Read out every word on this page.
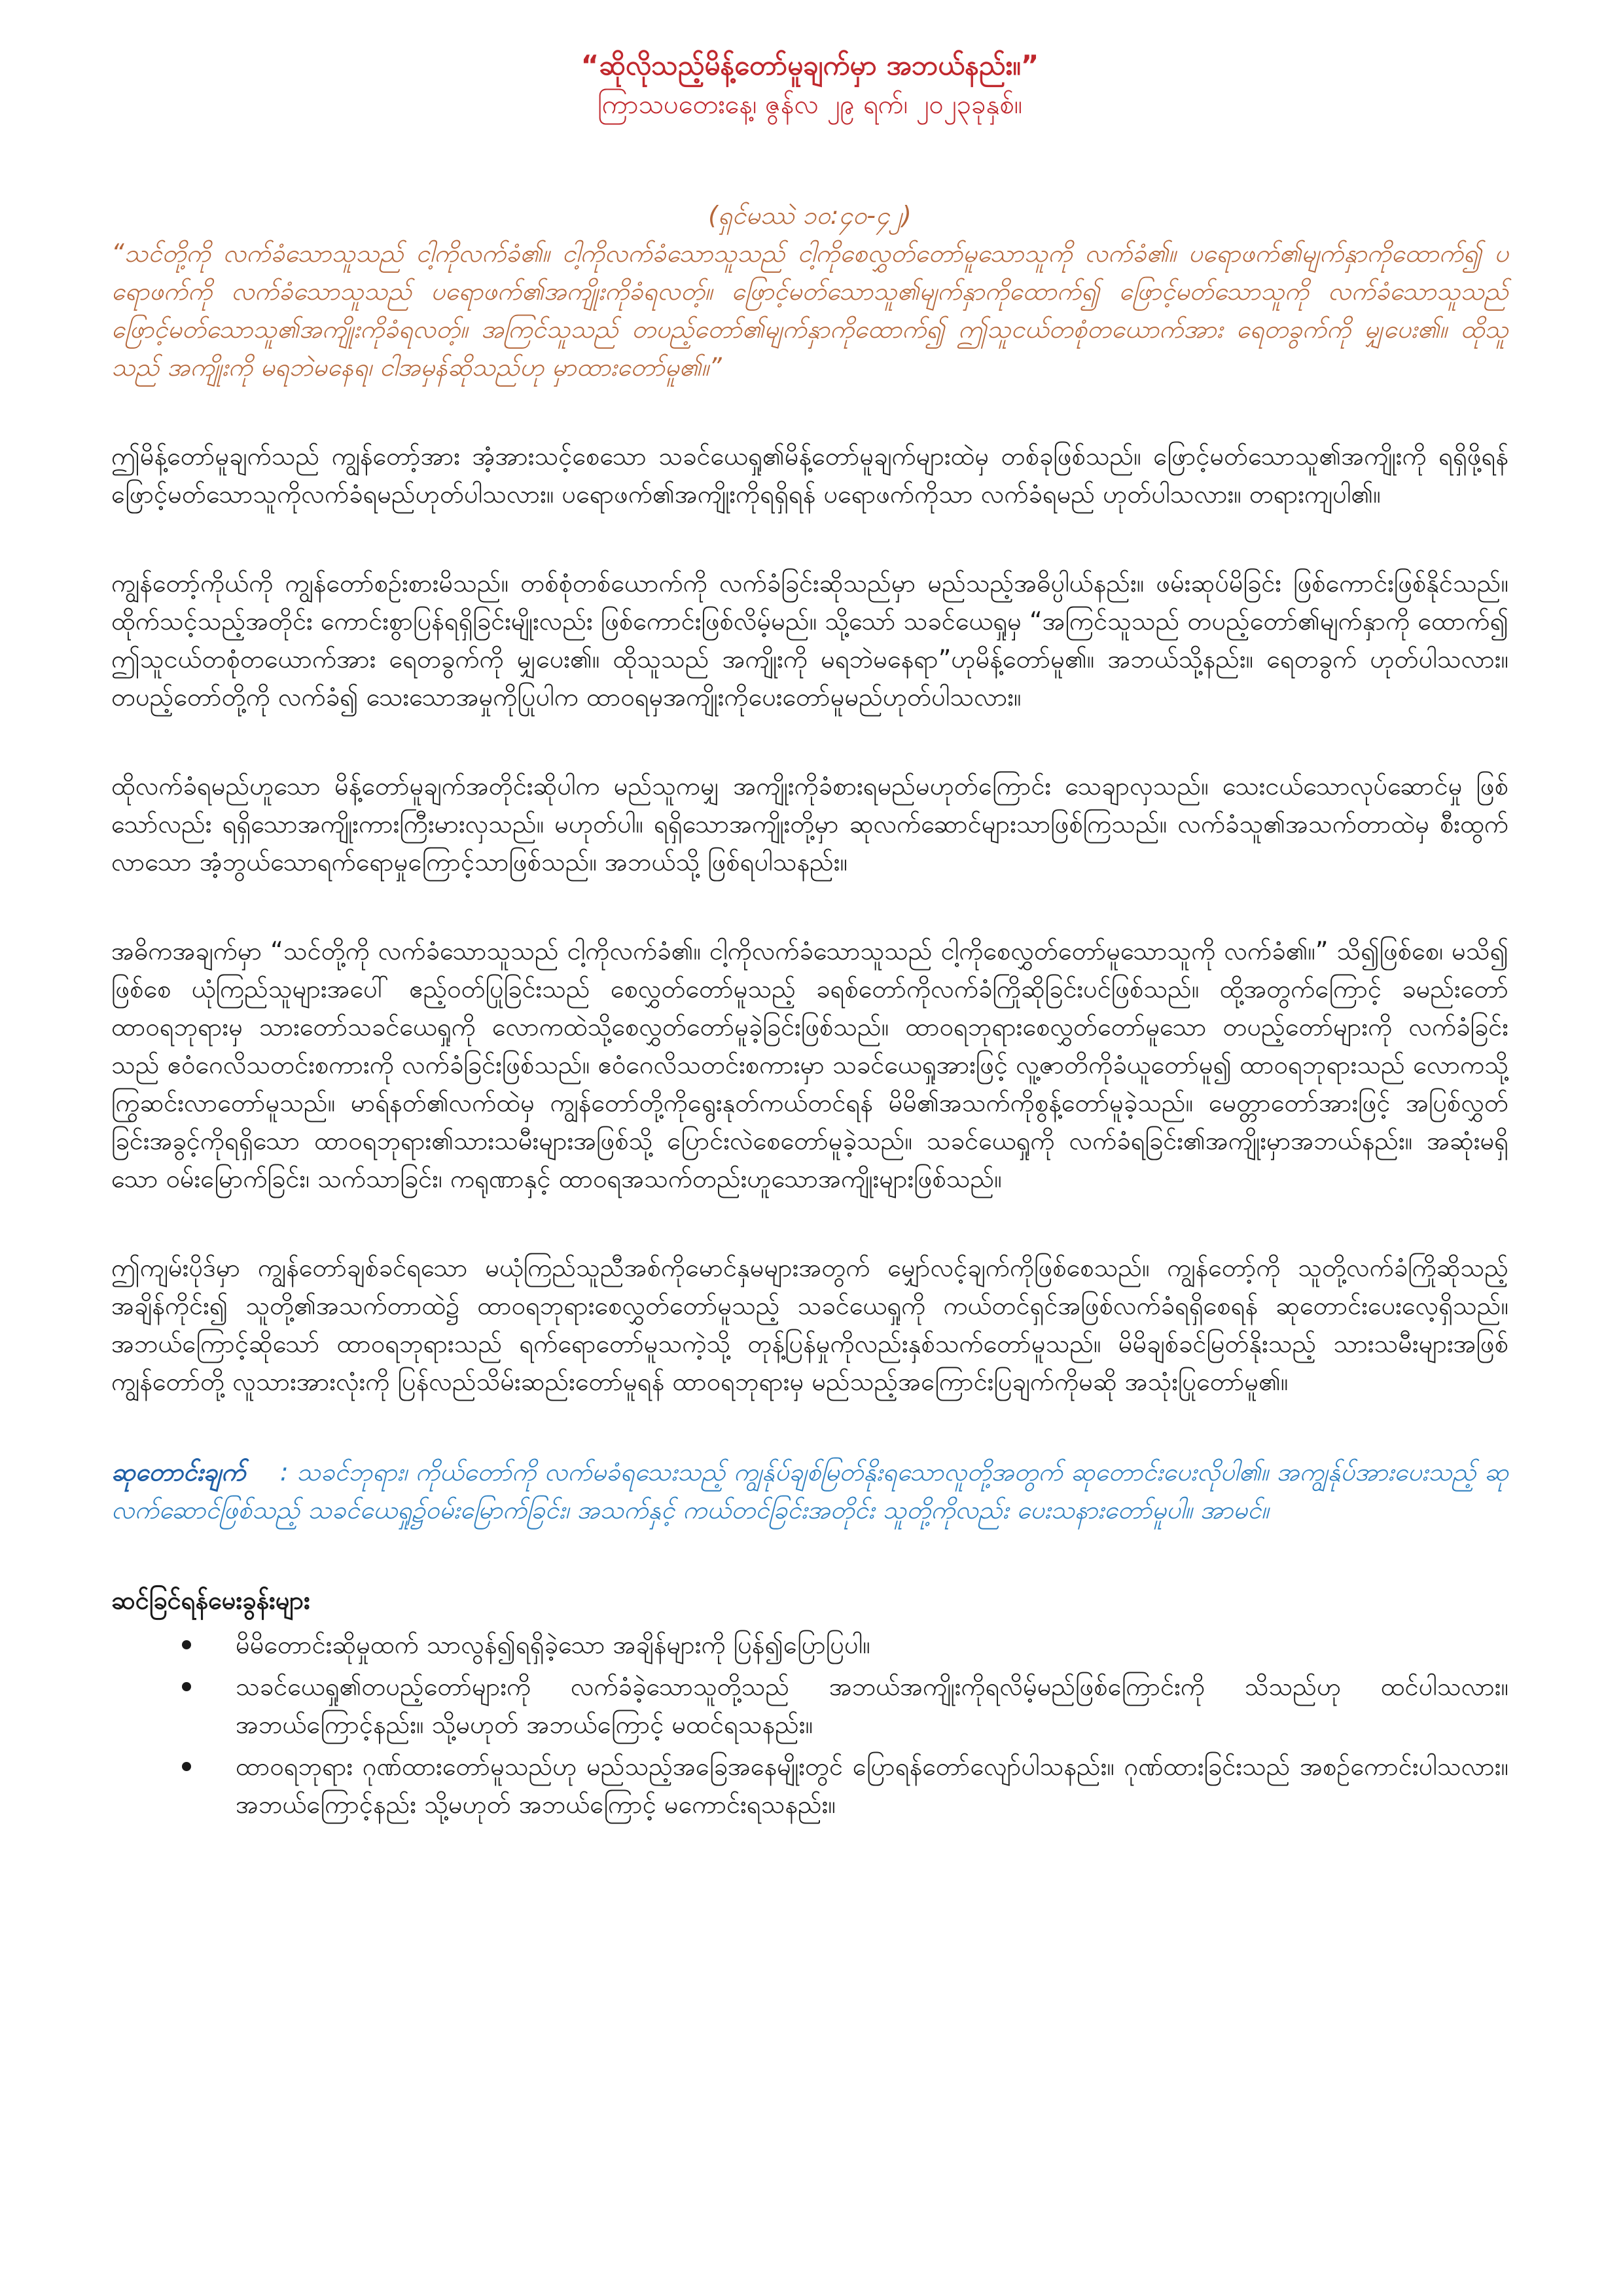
“ဆိုလိုသည့်မိန့်တော်မူချက်မှာ အဘယ်နည်း။”

ကြာသပတေးနေ့၊ ဇွန်လ ၂၉ ရက်၊ ၂၀၂၃ခုနှစ်။

(ရှင်မဿဲ ၁၀:၄၀-၄၂)

“သင်တို့ကို လက်ခံသောသူသည် ငါ့ကိုလက်ခံ၏။ ငါ့ကိုလက်ခံသောသူသည် ငါ့ကိုစေလွှတ်တော်မူသောသူကို လက်ခံ၏။ ပရောဖက်၏မျက်နှာကိုထောက်၍ ပရောဖက်ကို လက်ခံသောသူသည် ပရောဖက်၏အကျိုးကိုခံရလတ့်။ ဖြောင့်မတ်သောသူ၏မျက်နှာကိုထောက်၍ ဖြောင့်မတ်သောသူကို လက်ခံသောသူသည် ဖြောင့်မတ်သောသူ၏အကျိုးကိုခံရလတ့်။ အကြင်သူသည် တပည့်တော်၏မျက်နှာကိုထောက်၍ ဤသူငယ်တစုံတယောက်အား ရေတခွက်ကို မျှပေး၏။ ထိုသူသည် အကျိုးကို မရဘဲမနေရ၊ ငါအမှန်ဆိုသည်ဟု မှာထားတော်မူ၏။”

ဤမိန့်တော်မူချက်သည် ကျွန်တော့်အား အံ့အားသင့်စေသော သခင်ယေရှု၏မိန့်တော်မူချက်များထဲမှ တစ်ခုဖြစ်သည်။ ဖြောင့်မတ်သောသူ၏အကျိုးကို ရရှိဖို့ရန် ဖြောင့်မတ်သောသူကိုလက်ခံရမည်ဟုတ်ပါသလား။ ပရောဖက်၏အကျိုးကိုရရှိရန် ပရောဖက်ကိုသာ လက်ခံရမည် ဟုတ်ပါသလား။ တရားကျပါ၏။

ကျွန်တော့်ကိုယ်ကို ကျွန်တော်စဉ်းစားမိသည်။ တစ်စုံတစ်ယောက်ကို လက်ခံခြင်းဆိုသည်မှာ မည်သည့်အဓိပ္ပါယ်နည်း။ ဖမ်းဆုပ်မိခြင်း ဖြစ်ကောင်းဖြစ်နိုင်သည်။ ထိုက်သင့်သည့်အတိုင်း ကောင်းစွာပြန်ရရှိခြင်းမျိုးလည်း ဖြစ်ကောင်းဖြစ်လိမ့်မည်။ သို့သော် သခင်ယေရှုမှ “အကြင်သူသည် တပည့်တော်၏မျက်နှာကို ထောက်၍ ဤသူငယ်တစုံတယောက်အား ရေတခွက်ကို မျှပေး၏။ ထိုသူသည် အကျိုးကို မရဘဲမနေရာ”ဟုမိန့်တော်မူ၏။ အဘယ်သို့နည်း။ ရေတခွက် ဟုတ်ပါသလား။ တပည့်တော်တို့ကို လက်ခံ၍ သေးသောအမှုကိုပြုပါက ထာဝရမှအကျိုးကိုပေးတော်မူမည်ဟုတ်ပါသလား။

ထိုလက်ခံရမည်ဟူသော မိန့်တော်မူချက်အတိုင်းဆိုပါက မည်သူကမျှ အကျိုးကိုခံစားရမည်မဟုတ်ကြောင်း သေချာလှသည်။ သေးငယ်သောလုပ်ဆောင်မှု ဖြစ်သော်လည်း ရရှိသောအကျိုးကားကြီးမားလှသည်။ မဟုတ်ပါ။ ရရှိသောအကျိုးတို့မှာ ဆုလက်ဆောင်များသာဖြစ်ကြသည်။ လက်ခံသူ၏အသက်တာထဲမှ စီးထွက်လာသော အံ့ဘွယ်သောရက်ရောမှုကြောင့်သာဖြစ်သည်။ အဘယ်သို့ ဖြစ်ရပါသနည်း။

အဓိကအချက်မှာ “သင်တို့ကို လက်ခံသောသူသည် ငါ့ကိုလက်ခံ၏။ ငါ့ကိုလက်ခံသောသူသည် ငါ့ကိုစေလွှတ်တော်မူသောသူကို လက်ခံ၏။” သိ၍ဖြစ်စေ၊ မသိ၍ ဖြစ်စေ ယုံကြည်သူများအပေါ် ဧည့်ဝတ်ပြုခြင်းသည် စေလွှတ်တော်မူသည့် ခရစ်တော်ကိုလက်ခံကြိုဆိုခြင်းပင်ဖြစ်သည်။ ထို့အတွက်ကြောင့် ခမည်းတော် ထာဝရဘုရားမှ သားတော်သခင်ယေရှုကို လောကထဲသို့စေလွှတ်တော်မူခဲ့ခြင်းဖြစ်သည်။ ထာဝရဘုရားစေလွှတ်တော်မူသော တပည့်တော်များကို လက်ခံခြင်းသည် ဧဝံဂေလိသတင်းစကားကို လက်ခံခြင်းဖြစ်သည်။ ဧဝံဂေလိသတင်းစကားမှာ သခင်ယေရှုအားဖြင့် လူ့ဇာတိကိုခံယူတော်မူ၍ ထာဝရဘုရားသည် လောကသို့ ကြွဆင်းလာတော်မူသည်။ မာရ်နတ်၏လက်ထဲမှ ကျွန်တော်တို့ကိုရွေးနုတ်ကယ်တင်ရန် မိမိ၏အသက်ကိုစွန့်တော်မူခဲ့သည်။ မေတ္တာတော်အားဖြင့် အပြစ်လွှတ်ခြင်းအခွင့်ကိုရရှိသော ထာဝရဘုရား၏သားသမီးများအဖြစ်သို့ ပြောင်းလဲစေတော်မူခဲ့သည်။ သခင်ယေရှုကို လက်ခံရခြင်း၏အကျိုးမှာအဘယ်နည်း။ အဆုံးမရှိသော ဝမ်းမြောက်ခြင်း၊ သက်သာခြင်း၊ ကရုဏာနှင့် ထာဝရအသက်တည်းဟူသောအကျိုးများဖြစ်သည်။

ဤကျမ်းပိုဒ်မှာ ကျွန်တော်ချစ်ခင်ရသော မယုံကြည်သူညီအစ်ကိုမောင်နှမများအတွက် မျှော်လင့်ချက်ကိုဖြစ်စေသည်။ ကျွန်တော့်ကို သူတို့လက်ခံကြိုဆိုသည့် အချိန်ကိုင်း၍ သူတို့၏အသက်တာထဲ၌ ထာဝရဘုရားစေလွှတ်တော်မူသည့် သခင်ယေရှုကို ကယ်တင်ရှင်အဖြစ်လက်ခံရရှိစေရန် ဆုတောင်းပေးလေ့ရှိသည်။ အဘယ်ကြောင့်ဆိုသော် ထာဝရဘုရားသည် ရက်ရောတော်မူသကဲ့သို့ တုန့်ပြန်မှုကိုလည်းနှစ်သက်တော်မူသည်။ မိမိချစ်ခင်မြတ်နိုးသည့် သားသမီးများအဖြစ် ကျွန်တော်တို့ လူသားအားလုံးကို ပြန်လည်သိမ်းဆည်းတော်မူရန် ထာဝရဘုရားမှ မည်သည့်အကြောင်းပြချက်ကိုမဆို အသုံးပြုတော်မူ၏။

ဆုတောင်းချက် : သခင်ဘုရား၊ ကိုယ်တော်ကို လက်မခံရသေးသည့် ကျွန်ုပ်ချစ်မြတ်နိုးရသောလူတို့အတွက် ဆုတောင်းပေးလိုပါ၏။ အကျွန်ုပ်အားပေးသည့် ဆုလက်ဆောင်ဖြစ်သည့် သခင်ယေရှု၌ဝမ်းမြောက်ခြင်း၊ အသက်နှင့် ကယ်တင်ခြင်းအတိုင်း သူတို့ကိုလည်း ပေးသနားတော်မူပါ။ အာမင်။

ဆင်ခြင်ရန်မေးခွန်းများ

မိမိတောင်းဆိုမှုထက် သာလွန်၍ရရှိခဲ့သော အချိန်များကို ပြန်၍ပြောပြပါ။
သခင်ယေရှု၏တပည့်တော်များကို လက်ခံခဲ့သောသူတို့သည် အဘယ်အကျိုးကိုရလိမ့်မည်ဖြစ်ကြောင်းကို သိသည်ဟု ထင်ပါသလား။ အဘယ်ကြောင့်နည်း။ သို့မဟုတ် အဘယ်ကြောင့် မထင်ရသနည်း။
ထာဝရဘုရား ဂုဏ်ထားတော်မူသည်ဟု မည်သည့်အခြေအနေမျိုးတွင် ပြောရန်တော်လျော်ပါသနည်း။ ဂုဏ်ထားခြင်းသည် အစဉ်ကောင်းပါသလား။ အဘယ်ကြောင့်နည်း သို့မဟုတ် အဘယ်ကြောင့် မကောင်းရသနည်း။
